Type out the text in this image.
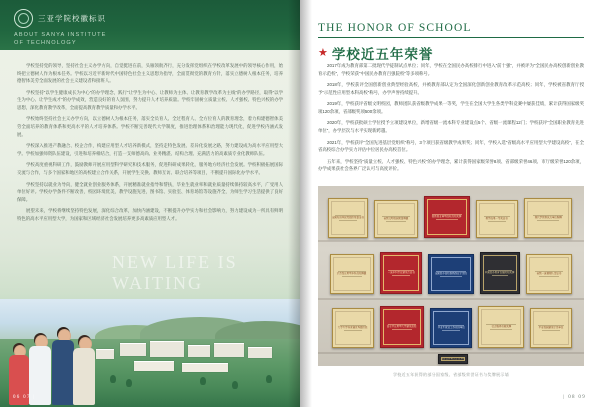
三亚学院校徽标识
ABOUT SANYA INSTITUTE
OF TECHNOLOGY

学校坚持党的领导，坚持社会主义办学方向，自觉挺进在前，头雁领航齐行，充分发挥党组织在学校改革发展中的领导核心作用，始终把立德树人作为根本任务。学校以习近平新时代中国特色社会主义思想为指导，全面贯彻党的教育方针，落实立德树人根本任务，培养德智体美劳全面发展的社会主义建设者和接班人。

学校坚持“以学生健康成长为中心”的办学理念，践行“让学生为中心、让教师为主体、让教育教学改革为主线”的办学路径，取得“以学生为中心、让学生成才”的办学成效，营造良好的育人氛围，努力提升人才培养质量。学校牢固树立质量立校、人才强校、特色兴校的办学思想，深化教育教学改革，全面提高教育教学质量和办学水平。

学校始终坚持社会主义办学方向，以立德树人为根本任务，落实全员育人、全过程育人、全方位育人的教育理念，着力构建德智体美劳全面培养的教育体系和更高水平的人才培养体系。学校不断完善现代大学制度，推进治理体系和治理能力现代化，促进学校内涵式发展。

学校深入推进产教融合、校企合作，构建应用型人才培养新模式，坚持走特色发展、差异化发展之路，努力建设成为高水平应用型大学。学校加强师资队伍建设，引进和培养相结合，打造一支师德高尚、业务精湛、结构合理、充满活力的高素质专业化教师队伍。

学校高度重视科研工作，鼓励教师开展应用型科学研究和技术服务，促进科研成果转化，服务地方经济社会发展。学校积极拓展国际交流与合作，与多个国家和地区的高校建立合作关系，开展学生交换、教师互访、联合培养等项目，不断提升国际化办学水平。

学校坚持以就业为导向，健全就业创业服务体系，开展精准就业指导和帮扶，毕业生就业率和就业质量持续保持较高水平，广受用人单位好评。学校办学条件不断改善，校园环境优美，教学设施先进，图书馆、实验室、体育场馆等设施齐全，为师生学习生活提供了良好保障。

展望未来，学校将继续坚持特色发展，深化综合改革，加快内涵建设，不断提升办学实力和社会影响力，努力建设成为一所具有鲜明特色的高水平应用型大学，为国家和区域经济社会发展培养更多高素质应用型人才。

NEW LIFE IS
WAITING
06 07 |
THE HONOR OF SCHOOL
★ 学校近五年荣誉

2017年成为教育部第二批现代学徒制试点单位；同年，学校在全国民办高校排行中进入“前十强”，并被评为“全国民办高校创新创业教育示范校”，学校荣获“中国民办教育百强院校”等多项称号。

2018年，学校获评全国创新创业典型经验高校，并被教育部认定为全国深化创新创业教育改革示范高校；同年，学校被省教育厅授予“示范性应用型本科高校”称号，办学声誉持续提升。

2019年，学校获评省级文明校园，教师团队获省级教学成果一等奖，学生在全国大学生各类学科竞赛中屡获佳绩，累计获得国家级奖项120余项、省部级奖项500余项。

2020年，学校获批硕士学位授予立项建设单位，新增省级一流本科专业建设点5个、省级一流课程12门；学校获评“全国职业教育先进单位”，办学层次与水平实现新跨越。

2021年，学校获评“全国先进基层党组织”称号，3个项目获省级教学成果奖；同年，学校入选“省级高水平应用型大学建设高校”，在全省高校综合办学实力评估中位居民办高校首位。

五年来，学校坚持“质量立校、人才强校、特色兴校”的办学理念，累计获得国家级荣誉8项、省部级荣誉46项、市厅级荣誉120余项，办学成果获社会各界广泛认可与高度评价。

全国先进基层党组织荣誉证书	省级文明校园荣誉牌匾
创新创业典型经验高校奖牌
教学成果一等奖证书	现代学徒制试点单位铜牌
示范性应用型本科高校牌匾	一流本科专业建设点证书	全国民办高校创新创业示范校	中国民办教育百强院校奖牌	省级一流课程认定证书
大学生学科竞赛优秀组织奖	高水平应用型大学建设高校	毕业生就业工作先进单位	社会服务贡献奖牌	平安校园建设示范单位
校企合作育人示范基地
学校近五年获得的部分国家级、省部级荣誉证书与奖牌展示墙
| 08 09
